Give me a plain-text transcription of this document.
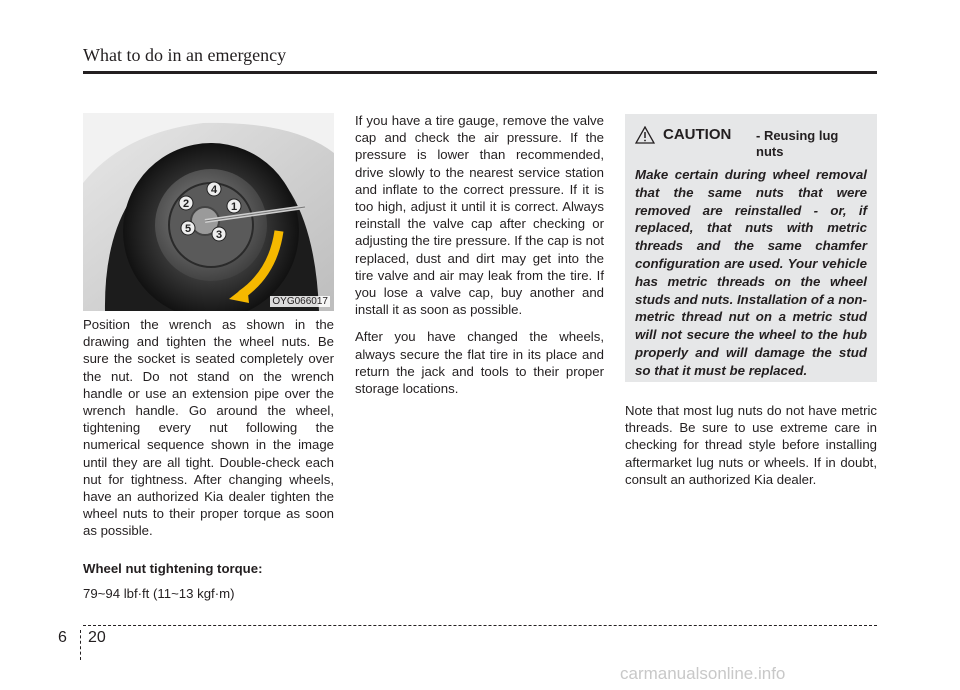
What to do in an emergency
4
2	1
5 3
OYG066017

Position the wrench as shown in the drawing and tighten the wheel nuts. Be sure the socket is seated completely over the nut. Do not stand on the wrench handle or use an extension pipe over the wrench handle. Go around the wheel, tightening every nut following the numerical sequence shown in the image until they are all tight. Double-check each nut for tightness. After changing wheels, have an authorized Kia dealer tighten the wheel nuts to their proper torque as soon as possible.

Wheel nut tightening torque:

79~94 lbf·ft (11~13 kgf·m)

If you have a tire gauge, remove the valve cap and check the air pressure. If the pressure is lower than recommended, drive slowly to the nearest service station and inflate to the correct pressure. If it is too high, adjust it until it is correct. Always reinstall the valve cap after checking or adjusting the tire pressure. If the cap is not replaced, dust and dirt may get into the tire valve and air may leak from the tire. If you lose a valve cap, buy another and install it as soon as possible.

After you have changed the wheels, always secure the flat tire in its place and return the jack and tools to their proper storage locations.

CAUTION - Reusing lug nuts
Make certain during wheel removal that the same nuts that were removed are reinstalled - or, if replaced, that nuts with metric threads and the same chamfer configuration are used. Your vehicle has metric threads on the wheel studs and nuts. Installation of a non-metric thread nut on a metric stud will not secure the wheel to the hub properly and will damage the stud so that it must be replaced.

Note that most lug nuts do not have metric threads. Be sure to use extreme care in checking for thread style before installing aftermarket lug nuts or wheels. If in doubt, consult an authorized Kia dealer.

6 20
carmanualsonline.info
